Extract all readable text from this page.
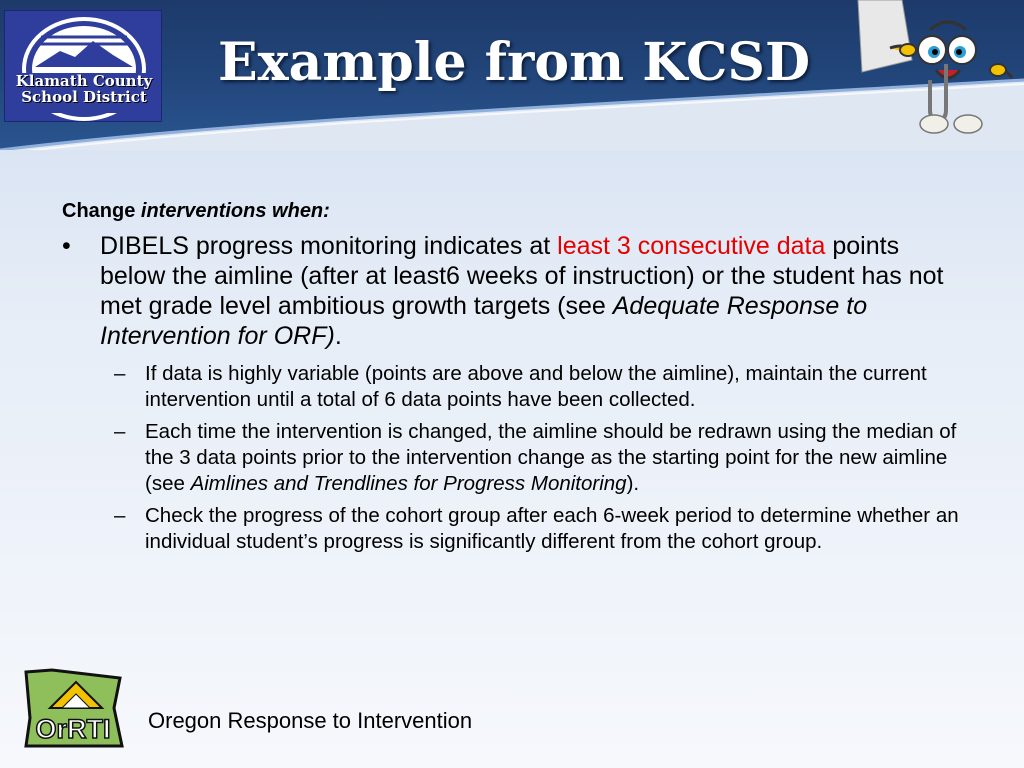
Klamath County
School District
Example from KCSD
Change interventions when:
• DIBELS progress monitoring indicates at least 3 consecutive data points below the aimline (after at least6 weeks of instruction) or the student has not met grade level ambitious growth targets (see Adequate Response to Intervention for ORF).
– If data is highly variable (points are above and below the aimline), maintain the current intervention until a total of 6 data points have been collected.
– Each time the intervention is changed, the aimline should be redrawn using the median of the 3 data points prior to the intervention change as the starting point for the new aimline (see Aimlines and Trendlines for Progress Monitoring).
– Check the progress of the cohort group after each 6-week period to determine whether an individual student’s progress is significantly different from the cohort group.
OrRTI Oregon Response to Intervention
